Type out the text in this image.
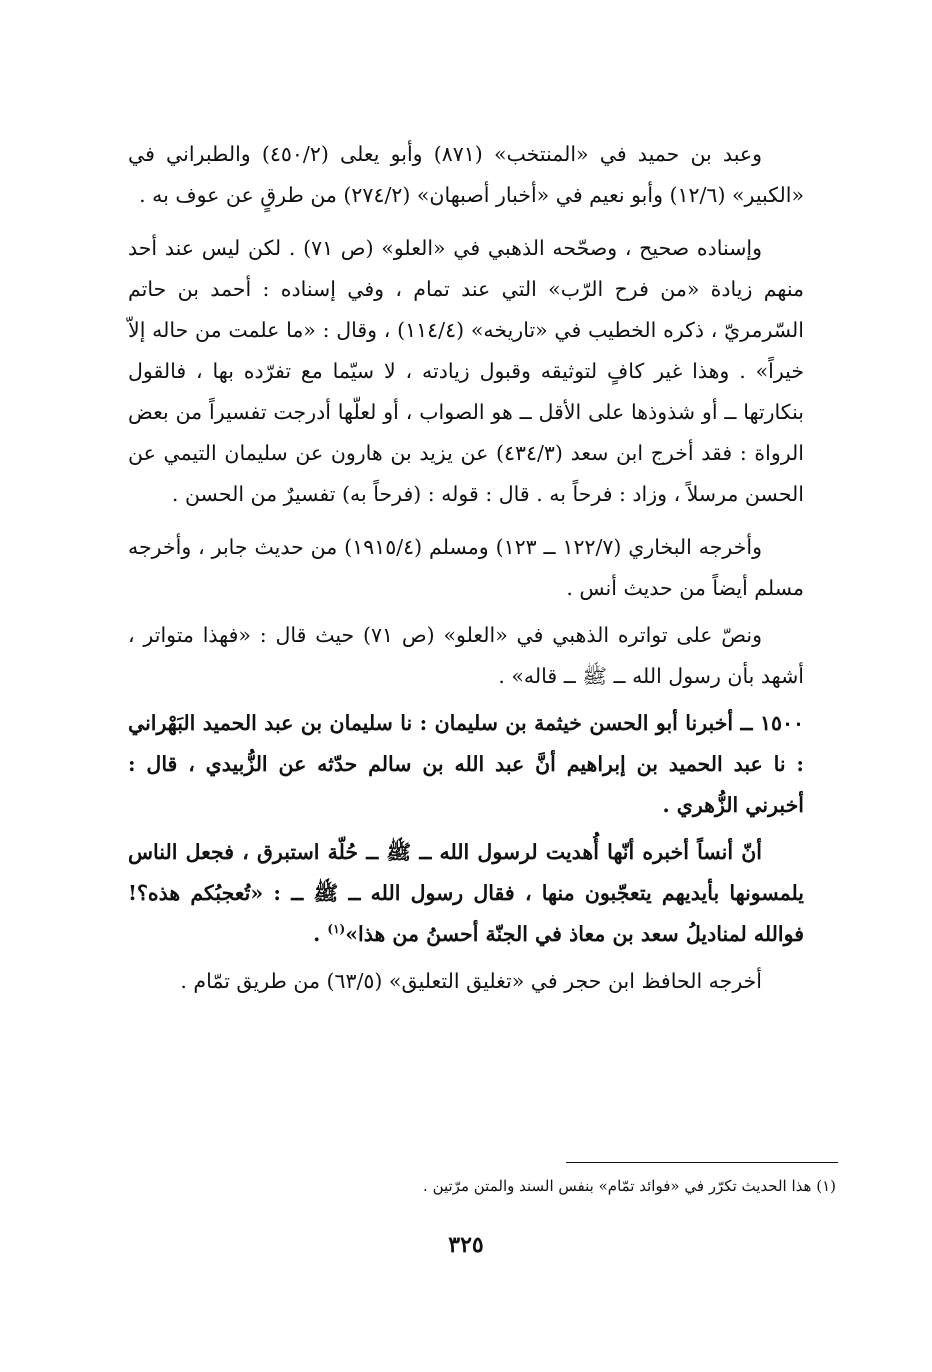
وعبد بن حميد في «المنتخب» (٨٧١) وأبو يعلى (٤٥٠/٢) والطبراني في «الكبير» (١٢/٦) وأبو نعيم في «أخبار أصبهان» (٢٧٤/٢) من طرقٍ عن عوف به .

وإسناده صحيح ، وصحّحه الذهبي في «العلو» (ص ٧١) . لكن ليس عند أحد منهم زيادة «من فرح الرّب» التي عند تمام ، وفي إسناده : أحمد بن حاتم السّرمريّ ، ذكره الخطيب في «تاريخه» (١١٤/٤) ، وقال : «ما علمت من حاله إلاّ خيراً» . وهذا غير كافٍ لتوثيقه وقبول زيادته ، لا سيّما مع تفرّده بها ، فالقول بنكارتها ــ أو شذوذها على الأقل ــ هو الصواب ، أو لعلّها أدرجت تفسيراً من بعض الرواة : فقد أخرج ابن سعد (٤٣٤/٣) عن يزيد بن هارون عن سليمان التيمي عن الحسن مرسلاً ، وزاد : فرحاً به . قال : قوله : (فرحاً به) تفسيرٌ من الحسن .

وأخرجه البخاري (١٢٢/٧ ــ ١٢٣) ومسلم (١٩١٥/٤) من حديث جابر ، وأخرجه مسلم أيضاً من حديث أنس .

ونصّ على تواتره الذهبي في «العلو» (ص ٧١) حيث قال : «فهذا متواتر ، أشهد بأن رسول الله ــ ﷺ ــ قاله» .

١٥٠٠ ــ أخبرنا أبو الحسن خيثمة بن سليمان : نا سليمان بن عبد الحميد البَهْراني : نا عبد الحميد بن إبراهيم أنَّ عبد الله بن سالم حدّثه عن الزُّبيدي ، قال : أخبرني الزُّهري .

أنّ أنساً أخبره أنّها أُهديت لرسول الله ــ ﷺ ــ حُلّة استبرق ، فجعل الناس يلمسونها بأيديهم يتعجّبون منها ، فقال رسول الله ــ ﷺ ــ : «تُعجبُكم هذه؟! فوالله لمناديلُ سعد بن معاذ في الجنّة أحسنُ من هذا»$^{(١)}$ .

أخرجه الحافظ ابن حجر في «تغليق التعليق» (٦٣/٥) من طريق تمّام .

(١) هذا الحديث تكرّر في «فوائد تمّام» بنفس السند والمتن مرّتين .
٣٢٥
